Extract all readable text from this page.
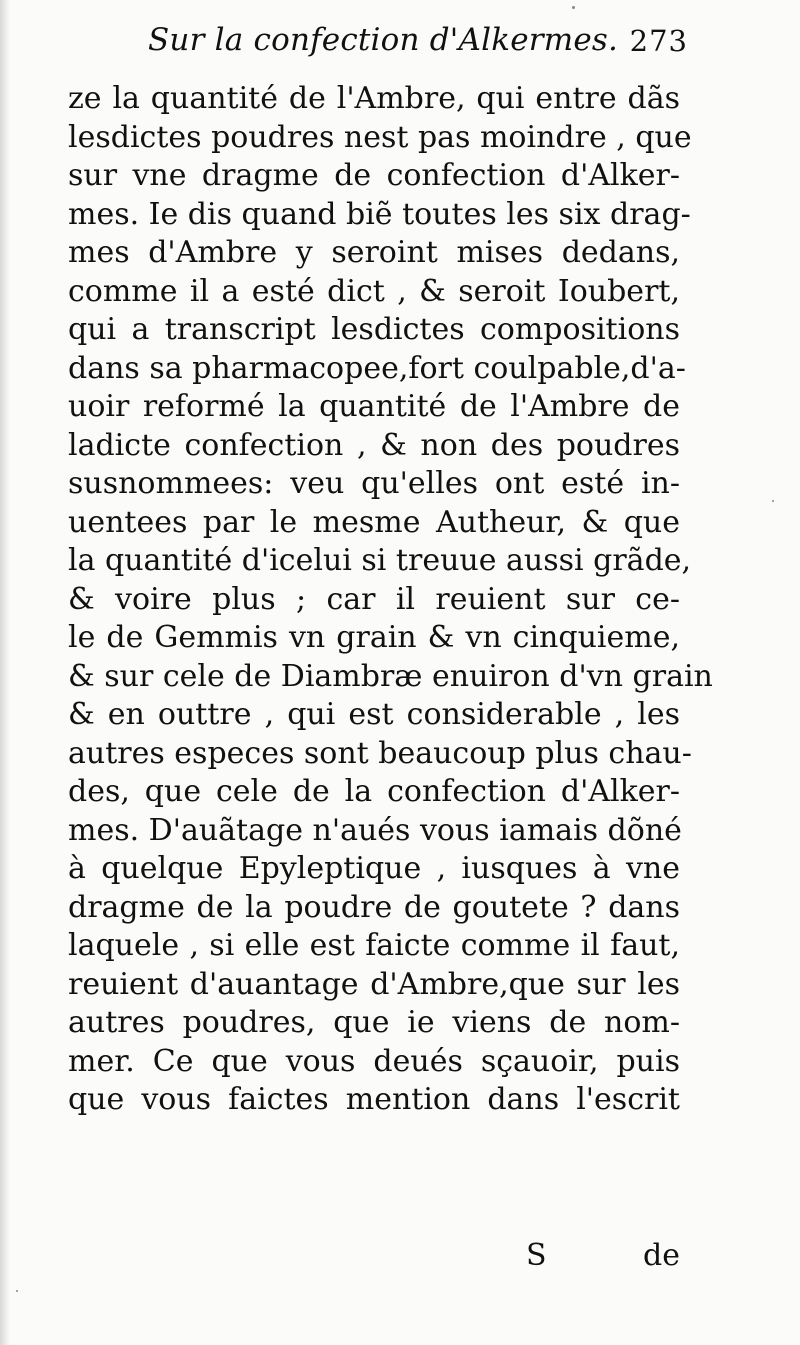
Sur la confection d'Alkermes. 273
ze la quantité de l'Ambre, qui entre dãs
lesdictes poudres nest pas moindre , que
sur vne dragme de confection d'Alker-
mes. Ie dis quand biẽ toutes les six drag-
mes d'Ambre y seroint mises dedans,
comme il a esté dict , & seroit Ioubert,
qui a transcript lesdictes compositions
dans sa pharmacopee,fort coulpable,d'a-
uoir reformé la quantité de l'Ambre de
ladicte confection , & non des poudres
susnommees: veu qu'elles ont esté in-
uentees par le mesme Autheur, & que
la quantité d'icelui si treuue aussi grãde,
& voire plus ; car il reuient sur ce-
le de Gemmis vn grain & vn cinquieme,
& sur cele de Diambræ enuiron d'vn grain
& en outtre , qui est considerable , les
autres especes sont beaucoup plus chau-
des, que cele de la confection d'Alker-
mes. D'auãtage n'aués vous iamais dõné
à quelque Epyleptique , iusques à vne
dragme de la poudre de goutete ? dans
laquele , si elle est faicte comme il faut,
reuient d'auantage d'Ambre,que sur les
autres poudres, que ie viens de nom-
mer. Ce que vous deués sçauoir, puis
que vous faictes mention dans l'escrit
S	de
